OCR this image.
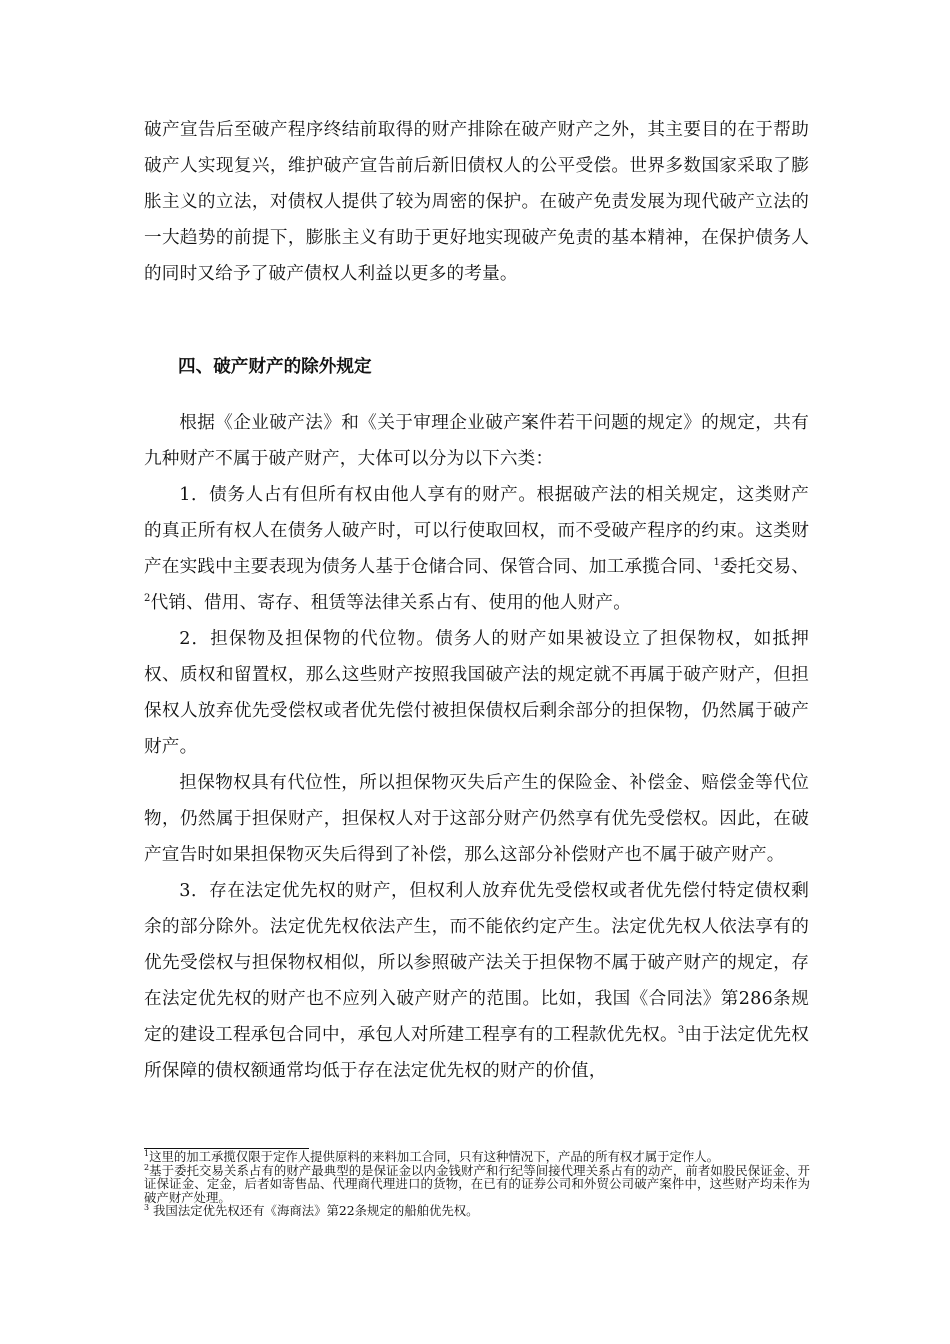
破产宣告后至破产程序终结前取得的财产排除在破产财产之外，其主要目的在于帮助破产人实现复兴，维护破产宣告前后新旧债权人的公平受偿。世界多数国家采取了膨胀主义的立法，对债权人提供了较为周密的保护。在破产免责发展为现代破产立法的一大趋势的前提下，膨胀主义有助于更好地实现破产免责的基本精神，在保护债务人的同时又给予了破产债权人利益以更多的考量。

四、破产财产的除外规定

根据《企业破产法》和《关于审理企业破产案件若干问题的规定》的规定，共有九种财产不属于破产财产，大体可以分为以下六类：

1．债务人占有但所有权由他人享有的财产。根据破产法的相关规定，这类财产的真正所有权人在债务人破产时，可以行使取回权，而不受破产程序的约束。这类财产在实践中主要表现为债务人基于仓储合同、保管合同、加工承揽合同、$^1$委托交易、$^2$代销、借用、寄存、租赁等法律关系占有、使用的他人财产。

2．担保物及担保物的代位物。债务人的财产如果被设立了担保物权，如抵押权、质权和留置权，那么这些财产按照我国破产法的规定就不再属于破产财产，但担保权人放弃优先受偿权或者优先偿付被担保债权后剩余部分的担保物，仍然属于破产财产。

担保物权具有代位性，所以担保物灭失后产生的保险金、补偿金、赔偿金等代位物，仍然属于担保财产，担保权人对于这部分财产仍然享有优先受偿权。因此，在破产宣告时如果担保物灭失后得到了补偿，那么这部分补偿财产也不属于破产财产。

3．存在法定优先权的财产，但权利人放弃优先受偿权或者优先偿付特定债权剩余的部分除外。法定优先权依法产生，而不能依约定产生。法定优先权人依法享有的优先受偿权与担保物权相似，所以参照破产法关于担保物不属于破产财产的规定，存在法定优先权的财产也不应列入破产财产的范围。比如，我国《合同法》第286条规定的建设工程承包合同中，承包人对所建工程享有的工程款优先权。$^3$由于法定优先权所保障的债权额通常均低于存在法定优先权的财产的价值，

$^1$这里的加工承揽仅限于定作人提供原料的来料加工合同，只有这种情况下，产品的所有权才属于定作人。

$^2$基于委托交易关系占有的财产最典型的是保证金以内金钱财产和行纪等间接代理关系占有的动产，前者如股民保证金、开证保证金、定金，后者如寄售品、代理商代理进口的货物，在已有的证券公司和外贸公司破产案件中，这些财产均未作为破产财产处理。

$^3$ 我国法定优先权还有《海商法》第22条规定的船舶优先权。
